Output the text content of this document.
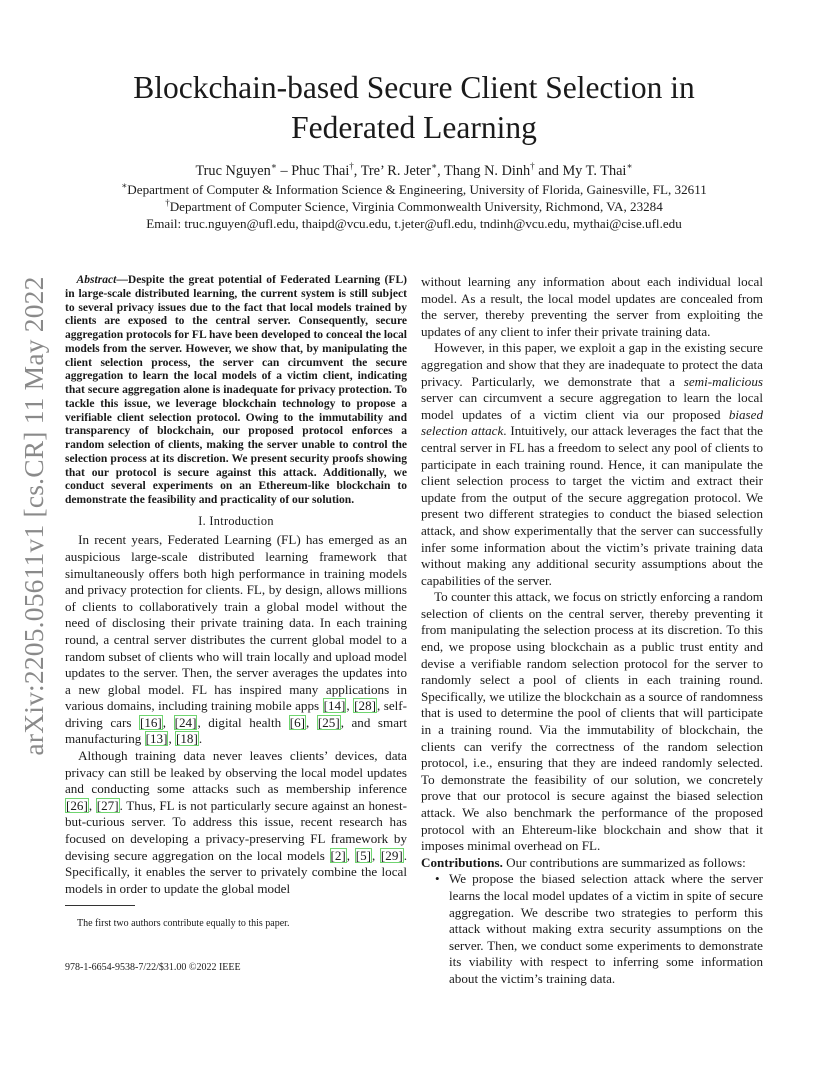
arXiv:2205.05611v1 [cs.CR] 11 May 2022
Blockchain-based Secure Client Selection in
Federated Learning
Truc Nguyen∗ – Phuc Thai†, Tre’ R. Jeter∗, Thang N. Dinh† and My T. Thai∗
∗Department of Computer & Information Science & Engineering, University of Florida, Gainesville, FL, 32611
†Department of Computer Science, Virginia Commonwealth University, Richmond, VA, 23284
Email: truc.nguyen@ufl.edu, thaipd@vcu.edu, t.jeter@ufl.edu, tndinh@vcu.edu, mythai@cise.ufl.edu

Abstract—Despite the great potential of Federated Learning (FL) in large-scale distributed learning, the current system is still subject to several privacy issues due to the fact that local models trained by clients are exposed to the central server. Consequently, secure aggregation protocols for FL have been developed to conceal the local models from the server. However, we show that, by manipulating the client selection process, the server can circumvent the secure aggregation to learn the local models of a victim client, indicating that secure aggregation alone is inadequate for privacy protection. To tackle this issue, we leverage blockchain technology to propose a verifiable client selection protocol. Owing to the immutability and transparency of blockchain, our proposed protocol enforces a random selection of clients, making the server unable to control the selection process at its discretion. We present security proofs showing that our protocol is secure against this attack. Additionally, we conduct several experiments on an Ethereum-like blockchain to demonstrate the feasibility and practicality of our solution.

I. Introduction

In recent years, Federated Learning (FL) has emerged as an auspicious large-scale distributed learning framework that simultaneously offers both high performance in training models and privacy protection for clients. FL, by design, allows millions of clients to collaboratively train a global model without the need of disclosing their private training data. In each training round, a central server distributes the current global model to a random subset of clients who will train locally and upload model updates to the server. Then, the server averages the updates into a new global model. FL has inspired many applications in various domains, including training mobile apps [14], [28], self-driving cars [16], [24], digital health [6], [25], and smart manufacturing [13], [18].

Although training data never leaves clients’ devices, data privacy can still be leaked by observing the local model updates and conducting some attacks such as membership inference [26], [27]. Thus, FL is not particularly secure against an honest-but-curious server. To address this issue, recent research has focused on developing a privacy-preserving FL framework by devising secure aggregation on the local models [2], [5], [29]. Specifically, it enables the server to privately combine the local models in order to update the global model

The first two authors contribute equally to this paper.
978-1-6654-9538-7/22/$31.00 ©2022 IEEE

without learning any information about each individual local model. As a result, the local model updates are concealed from the server, thereby preventing the server from exploiting the updates of any client to infer their private training data.

However, in this paper, we exploit a gap in the existing secure aggregation and show that they are inadequate to protect the data privacy. Particularly, we demonstrate that a semi-malicious server can circumvent a secure aggregation to learn the local model updates of a victim client via our proposed biased selection attack. Intuitively, our attack leverages the fact that the central server in FL has a freedom to select any pool of clients to participate in each training round. Hence, it can manipulate the client selection process to target the victim and extract their update from the output of the secure aggregation protocol. We present two different strategies to conduct the biased selection attack, and show experimentally that the server can successfully infer some information about the victim’s private training data without making any additional security assumptions about the capabilities of the server.

To counter this attack, we focus on strictly enforcing a random selection of clients on the central server, thereby preventing it from manipulating the selection process at its discretion. To this end, we propose using blockchain as a public trust entity and devise a verifiable random selection protocol for the server to randomly select a pool of clients in each training round. Specifically, we utilize the blockchain as a source of randomness that is used to determine the pool of clients that will participate in a training round. Via the immutability of blockchain, the clients can verify the correctness of the random selection protocol, i.e., ensuring that they are indeed randomly selected. To demonstrate the feasibility of our solution, we concretely prove that our protocol is secure against the biased selection attack. We also benchmark the performance of the proposed protocol with an Ehtereum-like blockchain and show that it imposes minimal overhead on FL.

Contributions. Our contributions are summarized as follows:

• We propose the biased selection attack where the server learns the local model updates of a victim in spite of secure aggregation. We describe two strategies to perform this attack without making extra security assumptions on the server. Then, we conduct some experiments to demonstrate its viability with respect to inferring some information about the victim’s training data.
